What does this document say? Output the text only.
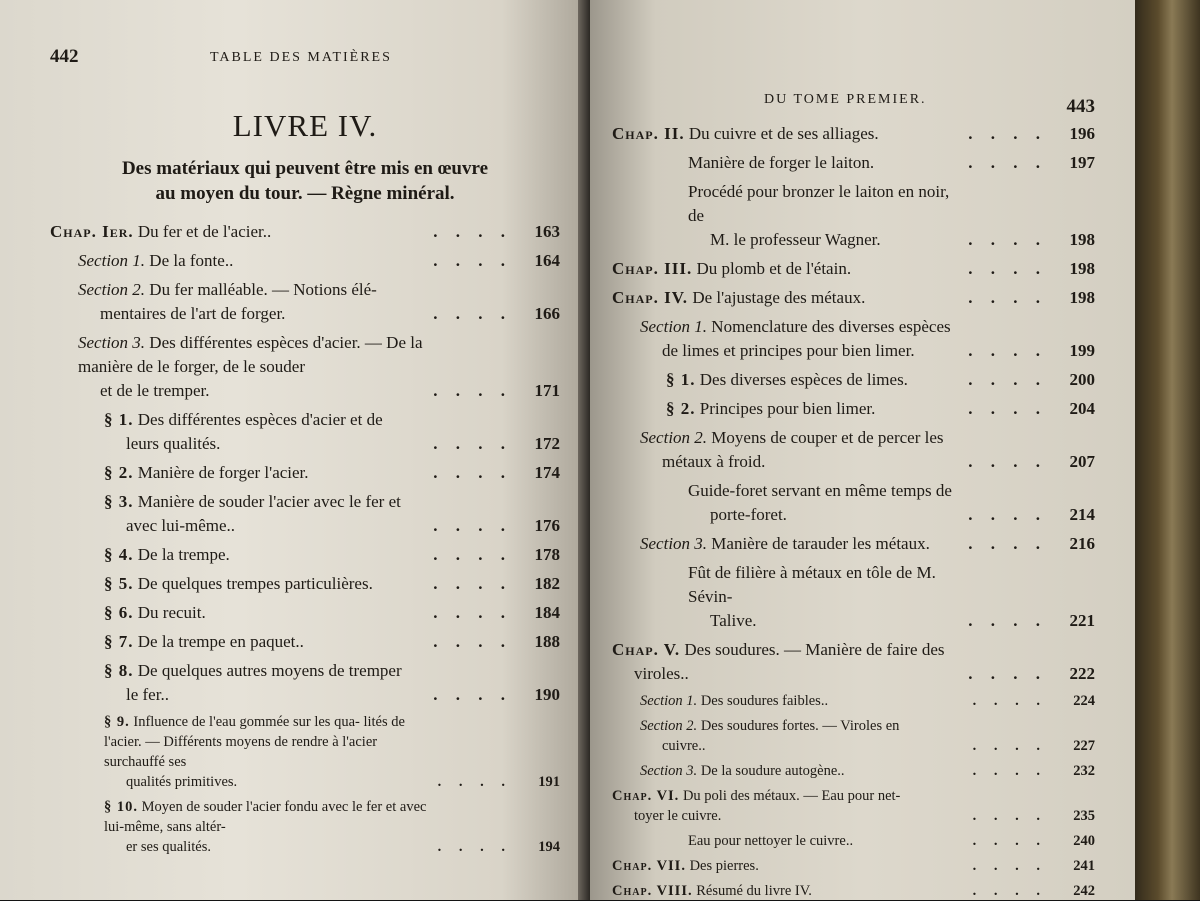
442	TABLE DES MATIÈRES
LIVRE IV.
Des matériaux qui peuvent être mis en œuvre
au moyen du tour. — Règne minéral.
Chap. Ier. Du fer et de l'acier..	. . . .	163
Section 1. De la fonte..	. . . .	164
Section 2. Du fer malléable. — Notions élé-
mentaires de l'art de forger.	. . . .	166
Section 3. Des différentes espèces d'acier. — De la manière de le forger, de le souder
et de le tremper.	. . . .	171
§ 1. Des différentes espèces d'acier et de
leurs qualités.	. . . .	172
§ 2. Manière de forger l'acier.	. . . .	174
§ 3. Manière de souder l'acier avec le fer et
avec lui-même..	. . . .	176
§ 4. De la trempe.	. . . .	178
§ 5. De quelques trempes particulières.	. . . .	182
§ 6. Du recuit.	. . . .	184
§ 7. De la trempe en paquet..	. . . .	188
§ 8. De quelques autres moyens de tremper
le fer..	. . . .	190
§ 9. Influence de l'eau gommée sur les qua- lités de l'acier. — Différents moyens de rendre à l'acier surchauffé ses
qualités primitives.	. . . .	191
§ 10. Moyen de souder l'acier fondu avec le fer et avec lui-même, sans altér-
er ses qualités.	. . . .	194
DU TOME PREMIER.	443
Chap. II. Du cuivre et de ses alliages.	. . . .	196
Manière de forger le laiton.	. . . .	197
Procédé pour bronzer le laiton en noir, de
M. le professeur Wagner.	. . . .	198
Chap. III. Du plomb et de l'étain.	. . . .	198
Chap. IV. De l'ajustage des métaux.	. . . .	198
Section 1. Nomenclature des diverses espèces
de limes et principes pour bien limer.	. . . .	199
§ 1. Des diverses espèces de limes.	. . . .	200
§ 2. Principes pour bien limer.	. . . .	204
Section 2. Moyens de couper et de percer les
métaux à froid.	. . . .	207
Guide-foret servant en même temps de
porte-foret.	. . . .	214
Section 3. Manière de tarauder les métaux.	. . . .	216
Fût de filière à métaux en tôle de M. Sévin-
Talive.	. . . .	221
Chap. V. Des soudures. — Manière de faire des
viroles..	. . . .	222
Section 1. Des soudures faibles..	. . . .	224
Section 2. Des soudures fortes. — Viroles en
cuivre..	. . . .	227
Section 3. De la soudure autogène..	. . . .	232
Chap. VI. Du poli des métaux. — Eau pour net-
toyer le cuivre.	. . . .	235
Eau pour nettoyer le cuivre..	. . . .	240
Chap. VII. Des pierres.	. . . .	241
Chap. VIII. Résumé du livre IV.	. . . .	242
